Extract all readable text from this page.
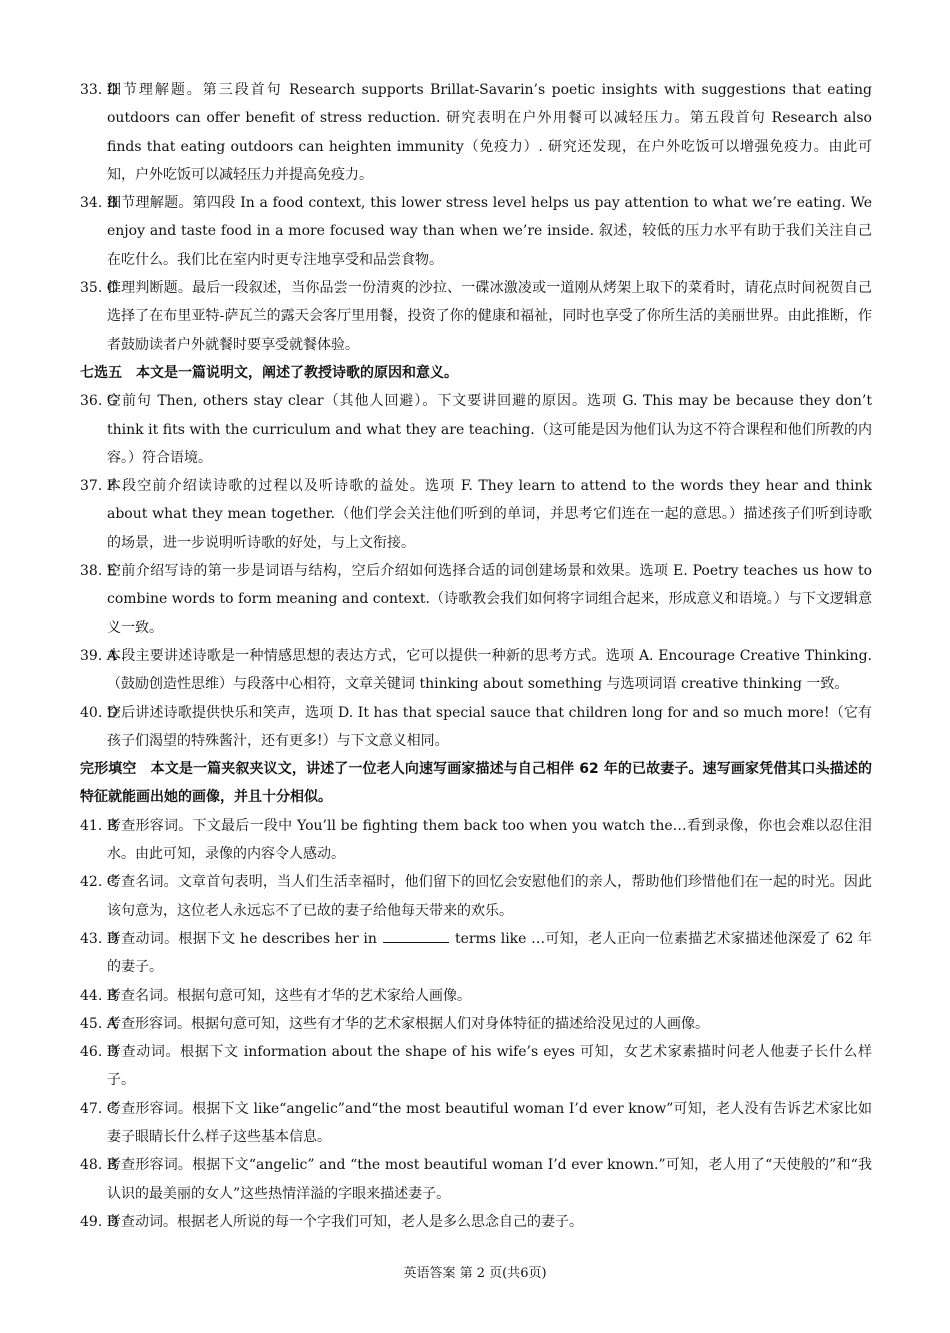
33. D
细节理解题。第三段首句 Research supports Brillat-Savarin’s poetic insights with suggestions that eating outdoors can offer benefit of stress reduction. 研究表明在户外用餐可以减轻压力。第五段首句 Research also finds that eating outdoors can heighten immunity（免疫力）. 研究还发现，在户外吃饭可以增强免疫力。由此可知，户外吃饭可以减轻压力并提高免疫力。
34. B
细节理解题。第四段 In a food context, this lower stress level helps us pay attention to what we’re eating. We enjoy and taste food in a more focused way than when we’re inside. 叙述，较低的压力水平有助于我们关注自己在吃什么。我们比在室内时更专注地享受和品尝食物。
35. C
推理判断题。最后一段叙述，当你品尝一份清爽的沙拉、一碟冰激凌或一道刚从烤架上取下的菜肴时，请花点时间祝贺自己选择了在布里亚特-萨瓦兰的露天会客厅里用餐，投资了你的健康和福祉，同时也享受了你所生活的美丽世界。由此推断，作者鼓励读者户外就餐时要享受就餐体验。
七选五　本文是一篇说明文，阐述了教授诗歌的原因和意义。
36. G
空前句 Then, others stay clear（其他人回避）。下文要讲回避的原因。选项 G. This may be because they don’t think it fits with the curriculum and what they are teaching.（这可能是因为他们认为这不符合课程和他们所教的内容。）符合语境。
37. F
本段空前介绍读诗歌的过程以及听诗歌的益处。选项 F. They learn to attend to the words they hear and think about what they mean together.（他们学会关注他们听到的单词，并思考它们连在一起的意思。）描述孩子们听到诗歌的场景，进一步说明听诗歌的好处，与上文衔接。
38. E
空前介绍写诗的第一步是词语与结构，空后介绍如何选择合适的词创建场景和效果。选项 E. Poetry teaches us how to combine words to form meaning and context.（诗歌教会我们如何将字词组合起来，形成意义和语境。）与下文逻辑意义一致。
39. A
本段主要讲述诗歌是一种情感思想的表达方式，它可以提供一种新的思考方式。选项 A. Encourage Creative Thinking.（鼓励创造性思维）与段落中心相符，文章关键词 thinking about something 与选项词语 creative thinking 一致。
40. D
空后讲述诗歌提供快乐和笑声，选项 D. It has that special sauce that children long for and so much more!（它有孩子们渴望的特殊酱汁，还有更多!）与下文意义相同。
完形填空　本文是一篇夹叙夹议文，讲述了一位老人向速写画家描述与自己相伴 62 年的已故妻子。速写画家凭借其口头描述的特征就能画出她的画像，并且十分相似。
41. B
考查形容词。下文最后一段中 You’ll be fighting them back too when you watch the…看到录像，你也会难以忍住泪水。由此可知，录像的内容令人感动。
42. C
考查名词。文章首句表明，当人们生活幸福时，他们留下的回忆会安慰他们的亲人，帮助他们珍惜他们在一起的时光。因此该句意为，这位老人永远忘不了已故的妻子给他每天带来的欢乐。
43. D
考查动词。根据下文 he describes her in	terms like …可知，老人正向一位素描艺术家描述他深爱了 62 年的妻子。
44. B
考查名词。根据句意可知，这些有才华的艺术家给人画像。
45. A
考查形容词。根据句意可知，这些有才华的艺术家根据人们对身体特征的描述给没见过的人画像。
46. D
考查动词。根据下文 information about the shape of his wife’s eyes 可知，女艺术家素描时问老人他妻子长什么样子。
47. C
考查形容词。根据下文 like“angelic”and“the most beautiful woman I’d ever know”可知，老人没有告诉艺术家比如妻子眼睛长什么样子这些基本信息。
48. B
考查形容词。根据下文“angelic” and “the most beautiful woman I’d ever known.”可知，老人用了“天使般的”和“我认识的最美丽的女人”这些热情洋溢的字眼来描述妻子。
49. D
考查动词。根据老人所说的每一个字我们可知，老人是多么思念自己的妻子。
英语答案 第 2 页(共6页)
